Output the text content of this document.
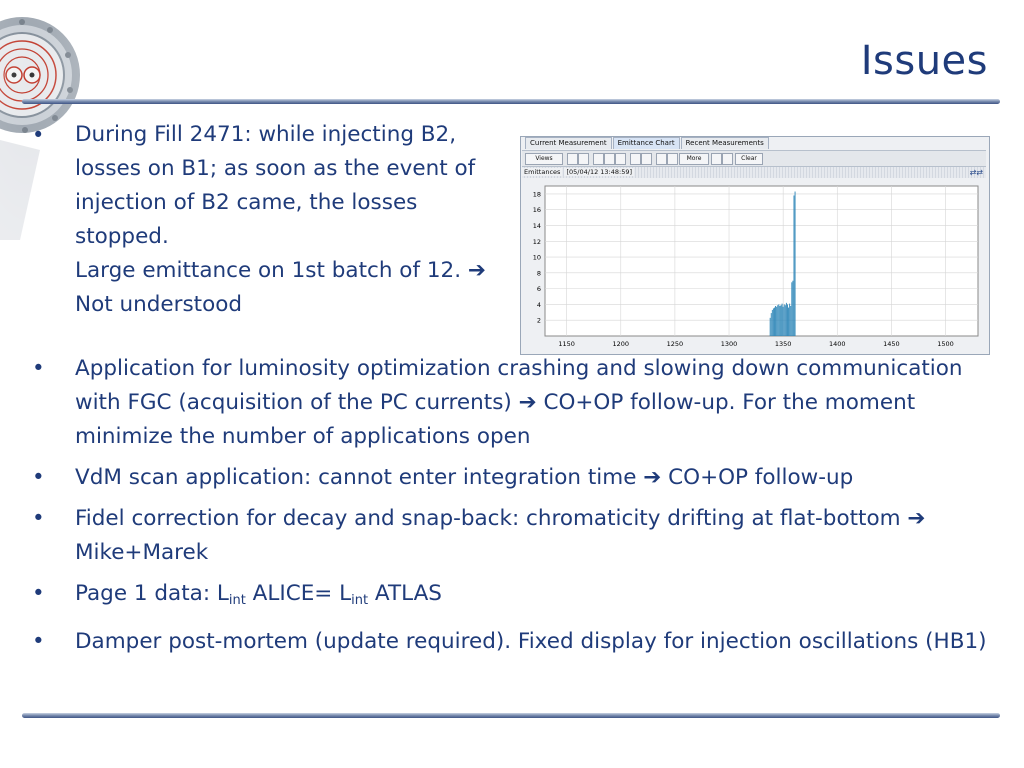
Issues
• During Fill 2471: while injecting B2, losses on B1; as soon as the event of injection of B2 came, the losses stopped.
Large emittance on 1st batch of 12. ➔ Not understood
Current Measurement	Emittance Chart	Recent Measurements
Views	More	Clear
Emittances [05/04/12 13:48:59]	⇄⇄
2
4
6
8
10
12
14
16
18
1150	1200	1250	1300	1350	1400	1450	1500
• Application for luminosity optimization crashing and slowing down communication with FGC (acquisition of the PC currents) ➔ CO+OP follow-up. For the moment minimize the number of applications open
• VdM scan application: cannot enter integration time ➔ CO+OP follow-up
• Fidel correction for decay and snap-back: chromaticity drifting at flat-bottom ➔ Mike+Marek
• Page 1 data: $L_{int}$ ALICE= $L_{int}$ ATLAS
• Damper post-mortem (update required). Fixed display for injection oscillations (HB1)
